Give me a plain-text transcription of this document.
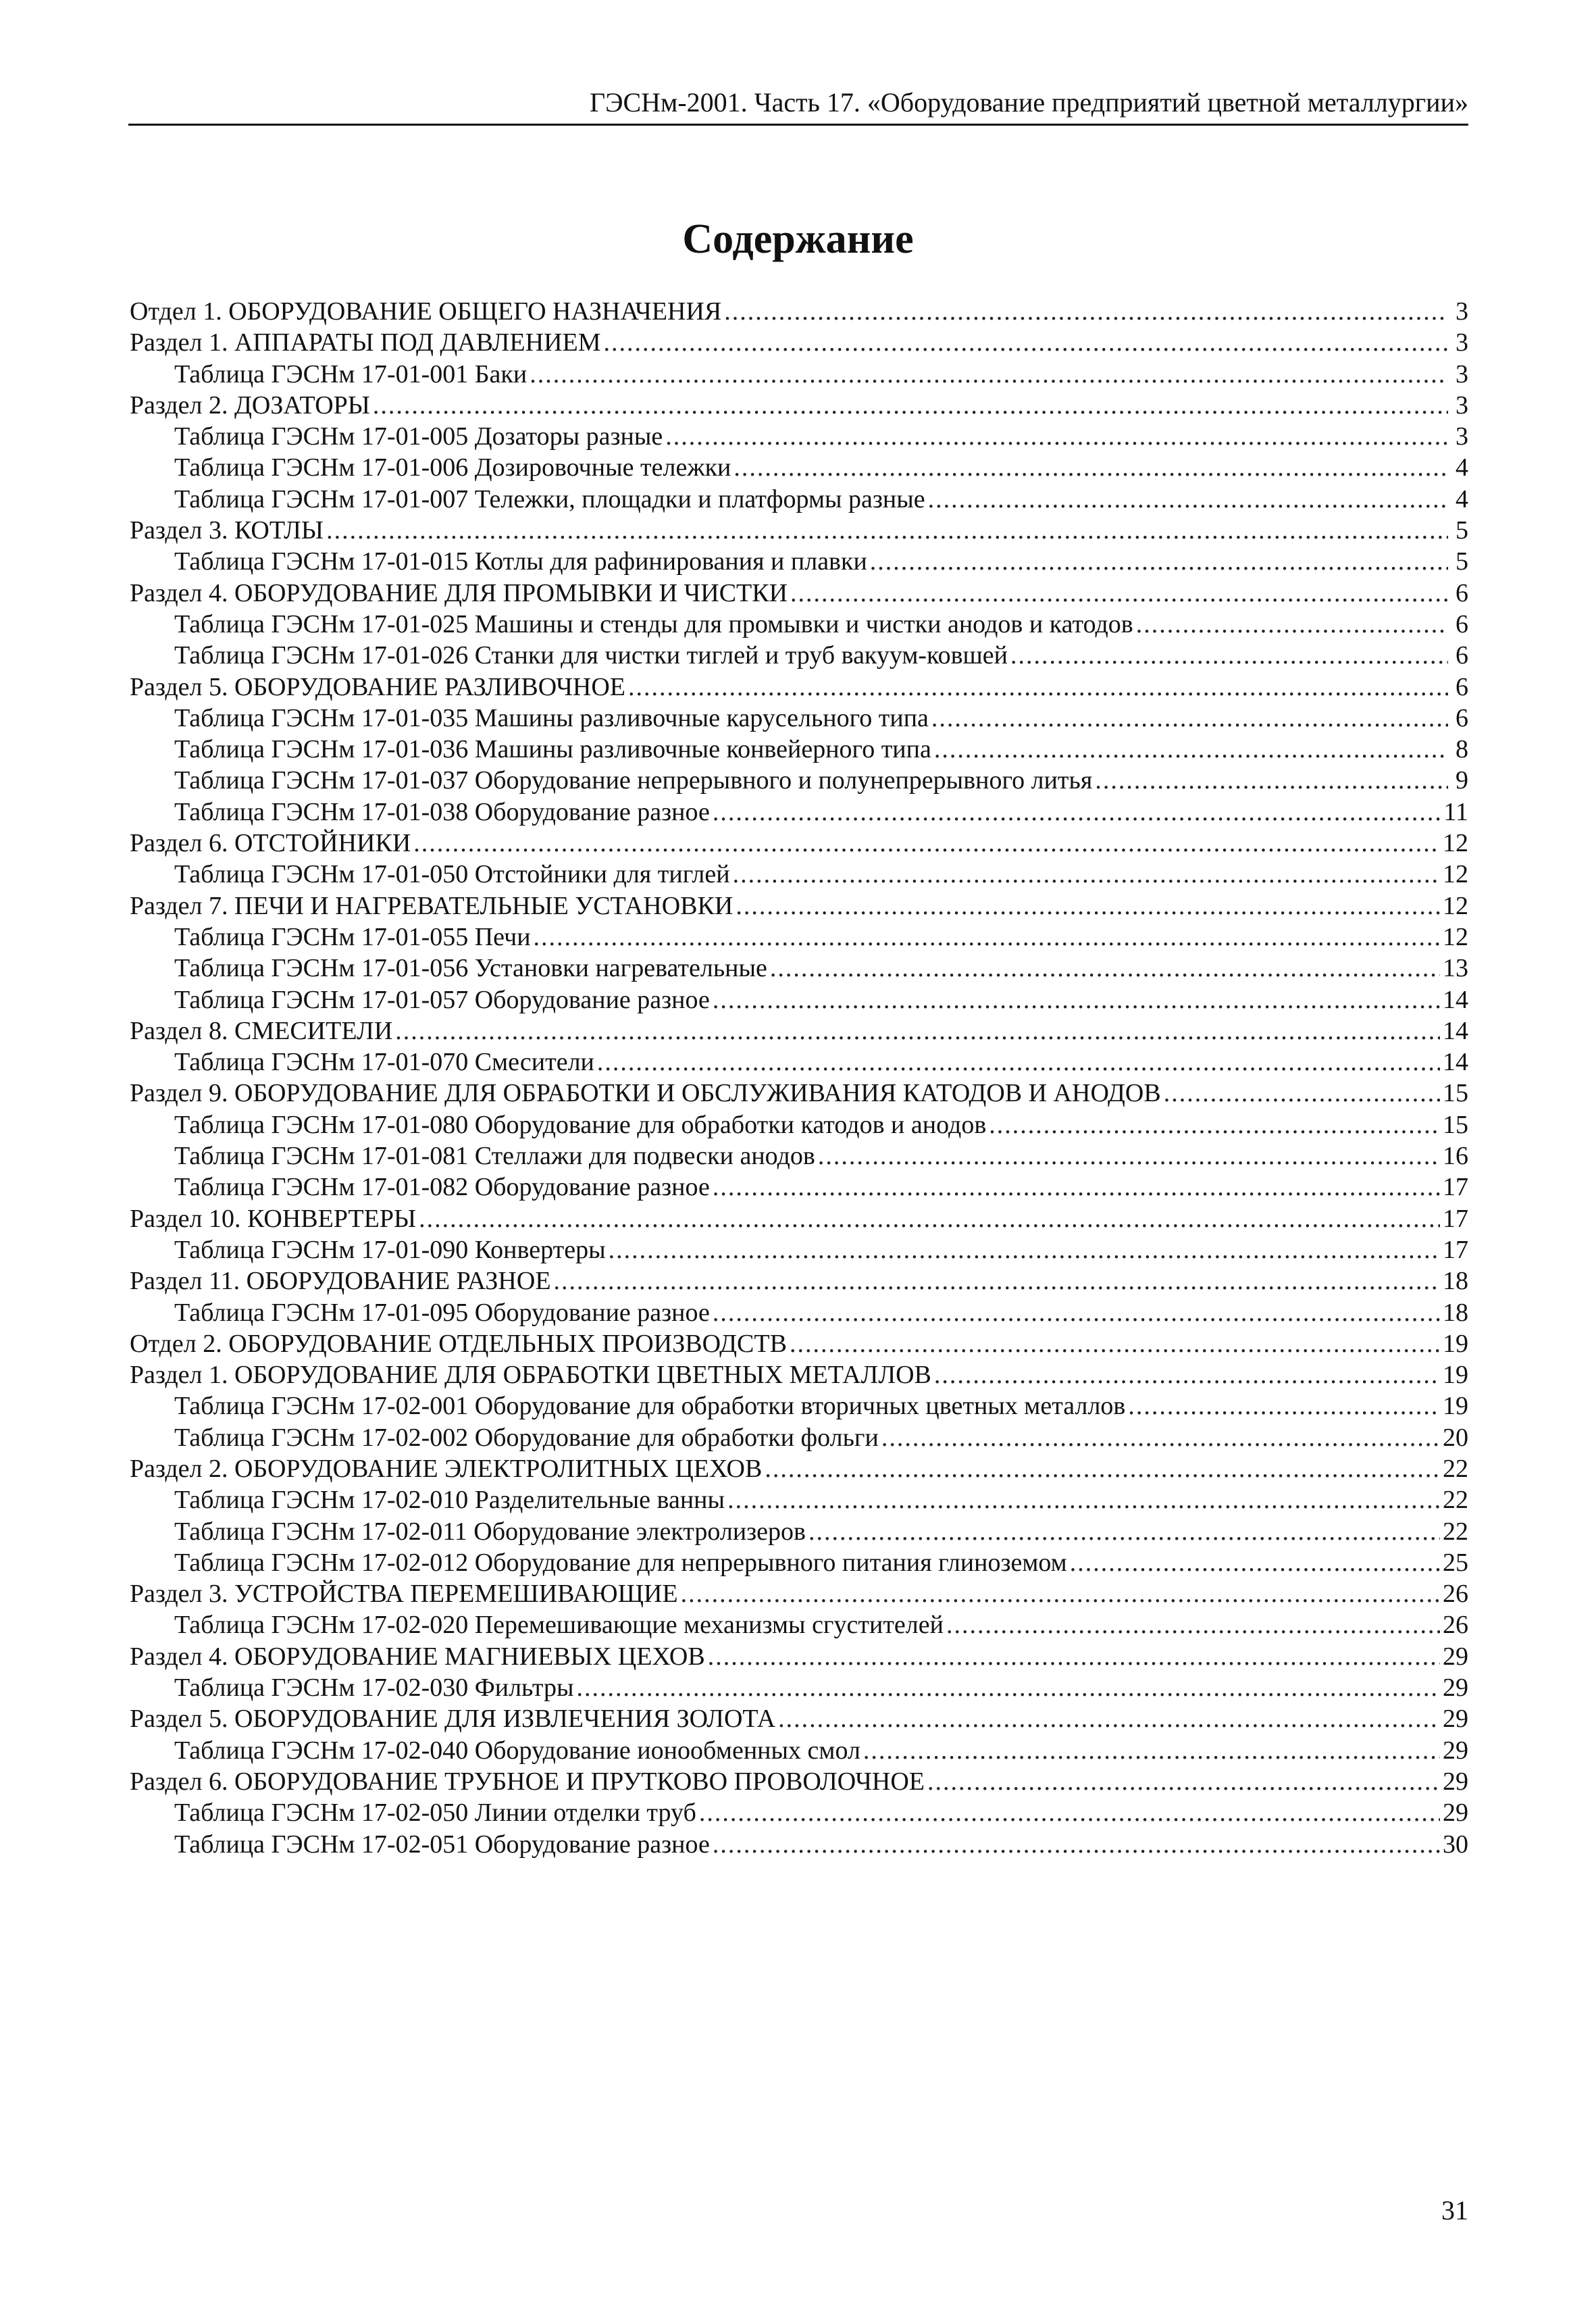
ГЭСНм-2001. Часть 17. «Оборудование предприятий цветной металлургии»
Содержание
Отдел 1. ОБОРУДОВАНИЕ ОБЩЕГО НАЗНАЧЕНИЯ .....	3
Раздел 1. АППАРАТЫ ПОД ДАВЛЕНИЕМ .....	3
Таблица ГЭСНм 17-01-001 Баки .....	3
Раздел 2. ДОЗАТОРЫ .....	3
Таблица ГЭСНм 17-01-005 Дозаторы разные .....	3
Таблица ГЭСНм 17-01-006 Дозировочные тележки .....	4
Таблица ГЭСНм 17-01-007 Тележки, площадки и платформы разные .....	4
Раздел 3. КОТЛЫ .....	5
Таблица ГЭСНм 17-01-015 Котлы для рафинирования и плавки .....	5
Раздел 4. ОБОРУДОВАНИЕ ДЛЯ ПРОМЫВКИ И ЧИСТКИ .....	6
Таблица ГЭСНм 17-01-025 Машины и стенды для промывки и чистки анодов и катодов .....	6
Таблица ГЭСНм 17-01-026 Станки для чистки тиглей и труб вакуум-ковшей .....	6
Раздел 5. ОБОРУДОВАНИЕ РАЗЛИВОЧНОЕ .....	6
Таблица ГЭСНм 17-01-035 Машины разливочные карусельного типа .....	6
Таблица ГЭСНм 17-01-036 Машины разливочные конвейерного типа .....	8
Таблица ГЭСНм 17-01-037 Оборудование непрерывного и полунепрерывного литья .....	9
Таблица ГЭСНм 17-01-038 Оборудование разное .....	11
Раздел 6. ОТСТОЙНИКИ .....	12
Таблица ГЭСНм 17-01-050 Отстойники для тиглей .....	12
Раздел 7. ПЕЧИ И НАГРЕВАТЕЛЬНЫЕ УСТАНОВКИ .....	12
Таблица ГЭСНм 17-01-055 Печи .....	12
Таблица ГЭСНм 17-01-056 Установки нагревательные .....	13
Таблица ГЭСНм 17-01-057 Оборудование разное .....	14
Раздел 8. СМЕСИТЕЛИ .....	14
Таблица ГЭСНм 17-01-070 Смесители .....	14
Раздел 9. ОБОРУДОВАНИЕ ДЛЯ ОБРАБОТКИ И ОБСЛУЖИВАНИЯ КАТОДОВ И АНОДОВ .....	15
Таблица ГЭСНм 17-01-080 Оборудование для обработки катодов и анодов .....	15
Таблица ГЭСНм 17-01-081 Стеллажи для подвески анодов .....	16
Таблица ГЭСНм 17-01-082 Оборудование разное .....	17
Раздел 10. КОНВЕРТЕРЫ .....	17
Таблица ГЭСНм 17-01-090 Конвертеры .....	17
Раздел 11. ОБОРУДОВАНИЕ РАЗНОЕ .....	18
Таблица ГЭСНм 17-01-095 Оборудование разное .....	18
Отдел 2. ОБОРУДОВАНИЕ ОТДЕЛЬНЫХ ПРОИЗВОДСТВ .....	19
Раздел 1. ОБОРУДОВАНИЕ ДЛЯ ОБРАБОТКИ ЦВЕТНЫХ МЕТАЛЛОВ .....	19
Таблица ГЭСНм 17-02-001 Оборудование для обработки вторичных цветных металлов .....	19
Таблица ГЭСНм 17-02-002 Оборудование для обработки фольги .....	20
Раздел 2. ОБОРУДОВАНИЕ ЭЛЕКТРОЛИТНЫХ ЦЕХОВ .....	22
Таблица ГЭСНм 17-02-010 Разделительные ванны .....	22
Таблица ГЭСНм 17-02-011 Оборудование электролизеров .....	22
Таблица ГЭСНм 17-02-012 Оборудование для непрерывного питания глиноземом .....	25
Раздел 3. УСТРОЙСТВА ПЕРЕМЕШИВАЮЩИЕ .....	26
Таблица ГЭСНм 17-02-020 Перемешивающие механизмы сгустителей .....	26
Раздел 4. ОБОРУДОВАНИЕ МАГНИЕВЫХ ЦЕХОВ .....	29
Таблица ГЭСНм 17-02-030 Фильтры .....	29
Раздел 5. ОБОРУДОВАНИЕ ДЛЯ ИЗВЛЕЧЕНИЯ ЗОЛОТА .....	29
Таблица ГЭСНм 17-02-040 Оборудование ионообменных смол .....	29
Раздел 6. ОБОРУДОВАНИЕ ТРУБНОЕ И ПРУТКОВО ПРОВОЛОЧНОЕ .....	29
Таблица ГЭСНм 17-02-050 Линии отделки труб .....	29
Таблица ГЭСНм 17-02-051 Оборудование разное .....	30
31
